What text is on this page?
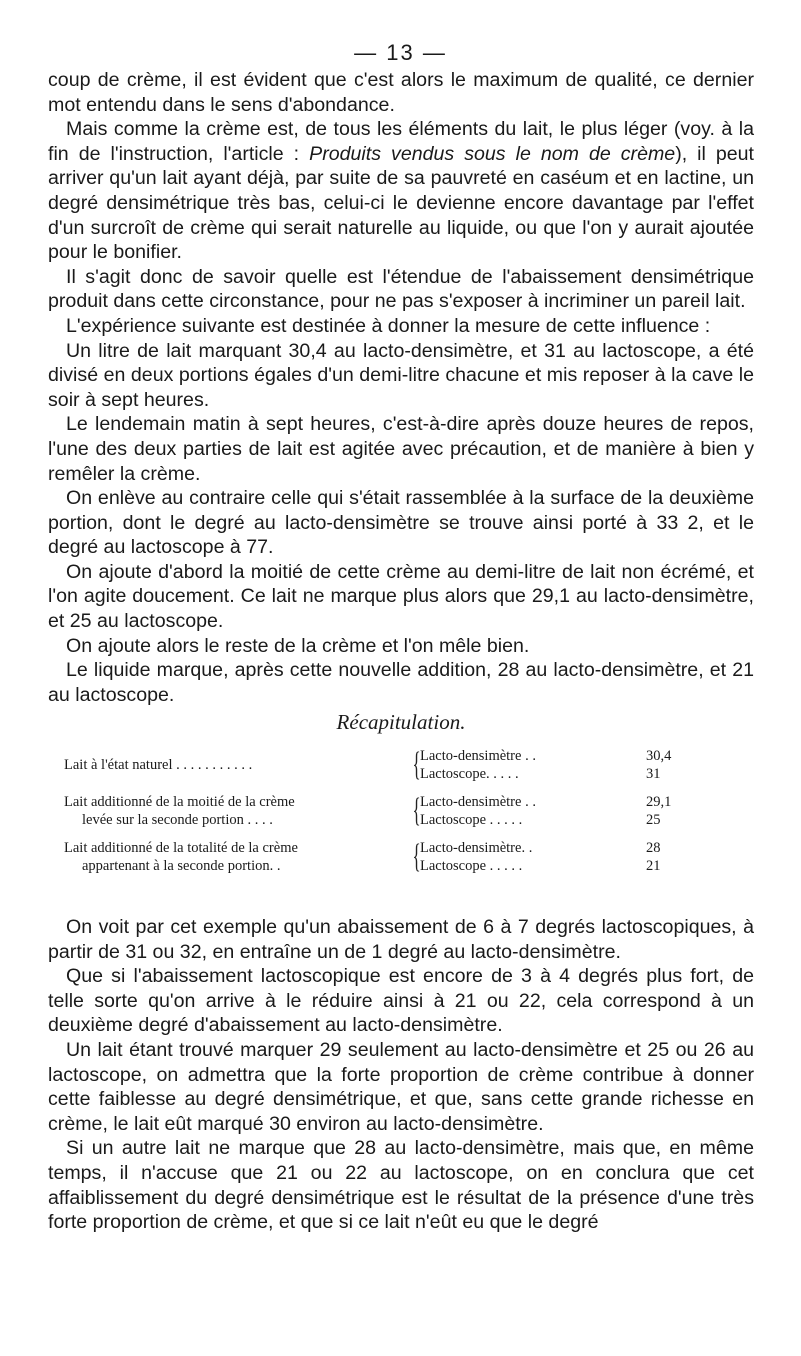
— 13 —

coup de crème, il est évident que c'est alors le maximum de qualité, ce dernier mot entendu dans le sens d'abondance.

Mais comme la crème est, de tous les éléments du lait, le plus léger (voy. à la fin de l'instruction, l'article : Produits vendus sous le nom de crème), il peut arriver qu'un lait ayant déjà, par suite de sa pauvreté en caséum et en lactine, un degré densimétrique très bas, celui-ci le devienne encore davantage par l'effet d'un surcroît de crème qui serait naturelle au liquide, ou que l'on y aurait ajoutée pour le bonifier.

Il s'agit donc de savoir quelle est l'étendue de l'abaissement densimétrique produit dans cette circonstance, pour ne pas s'exposer à incriminer un pareil lait.

L'expérience suivante est destinée à donner la mesure de cette influence :

Un litre de lait marquant 30,4 au lacto-densimètre, et 31 au lactoscope, a été divisé en deux portions égales d'un demi-litre chacune et mis reposer à la cave le soir à sept heures.

Le lendemain matin à sept heures, c'est-à-dire après douze heures de repos, l'une des deux parties de lait est agitée avec précaution, et de manière à bien y remêler la crème.

On enlève au contraire celle qui s'était rassemblée à la surface de la deuxième portion, dont le degré au lacto-densimètre se trouve ainsi porté à 33 2, et le degré au lactoscope à 77.

On ajoute d'abord la moitié de cette crème au demi-litre de lait non écrémé, et l'on agite doucement. Ce lait ne marque plus alors que 29,1 au lacto-densimètre, et 25 au lactoscope.

On ajoute alors le reste de la crème et l'on mêle bien.

Le liquide marque, après cette nouvelle addition, 28 au lacto-densimètre, et 21 au lactoscope.

Récapitulation.
Lait à l'état naturel . . . . . . . . . . .	{ Lacto-densimètre . .	30,4
Lactoscope. . . . .	31
Lait additionné de la moitié de la crème
levée sur la seconde portion . . . .	{ Lacto-densimètre . .	29,1
Lactoscope . . . . .	25
Lait additionné de la totalité de la crème
appartenant à la seconde portion. .	{ Lacto-densimètre. .	28
Lactoscope . . . . .	21

On voit par cet exemple qu'un abaissement de 6 à 7 degrés lactoscopiques, à partir de 31 ou 32, en entraîne un de 1 degré au lacto-densimètre.

Que si l'abaissement lactoscopique est encore de 3 à 4 degrés plus fort, de telle sorte qu'on arrive à le réduire ainsi à 21 ou 22, cela correspond à un deuxième degré d'abaissement au lacto-densimètre.

Un lait étant trouvé marquer 29 seulement au lacto-densimètre et 25 ou 26 au lactoscope, on admettra que la forte proportion de crème contribue à donner cette faiblesse au degré densimétrique, et que, sans cette grande richesse en crème, le lait eût marqué 30 environ au lacto-densimètre.

Si un autre lait ne marque que 28 au lacto-densimètre, mais que, en même temps, il n'accuse que 21 ou 22 au lactoscope, on en conclura que cet affaiblissement du degré densimétrique est le résultat de la présence d'une très forte proportion de crème, et que si ce lait n'eût eu que le degré
